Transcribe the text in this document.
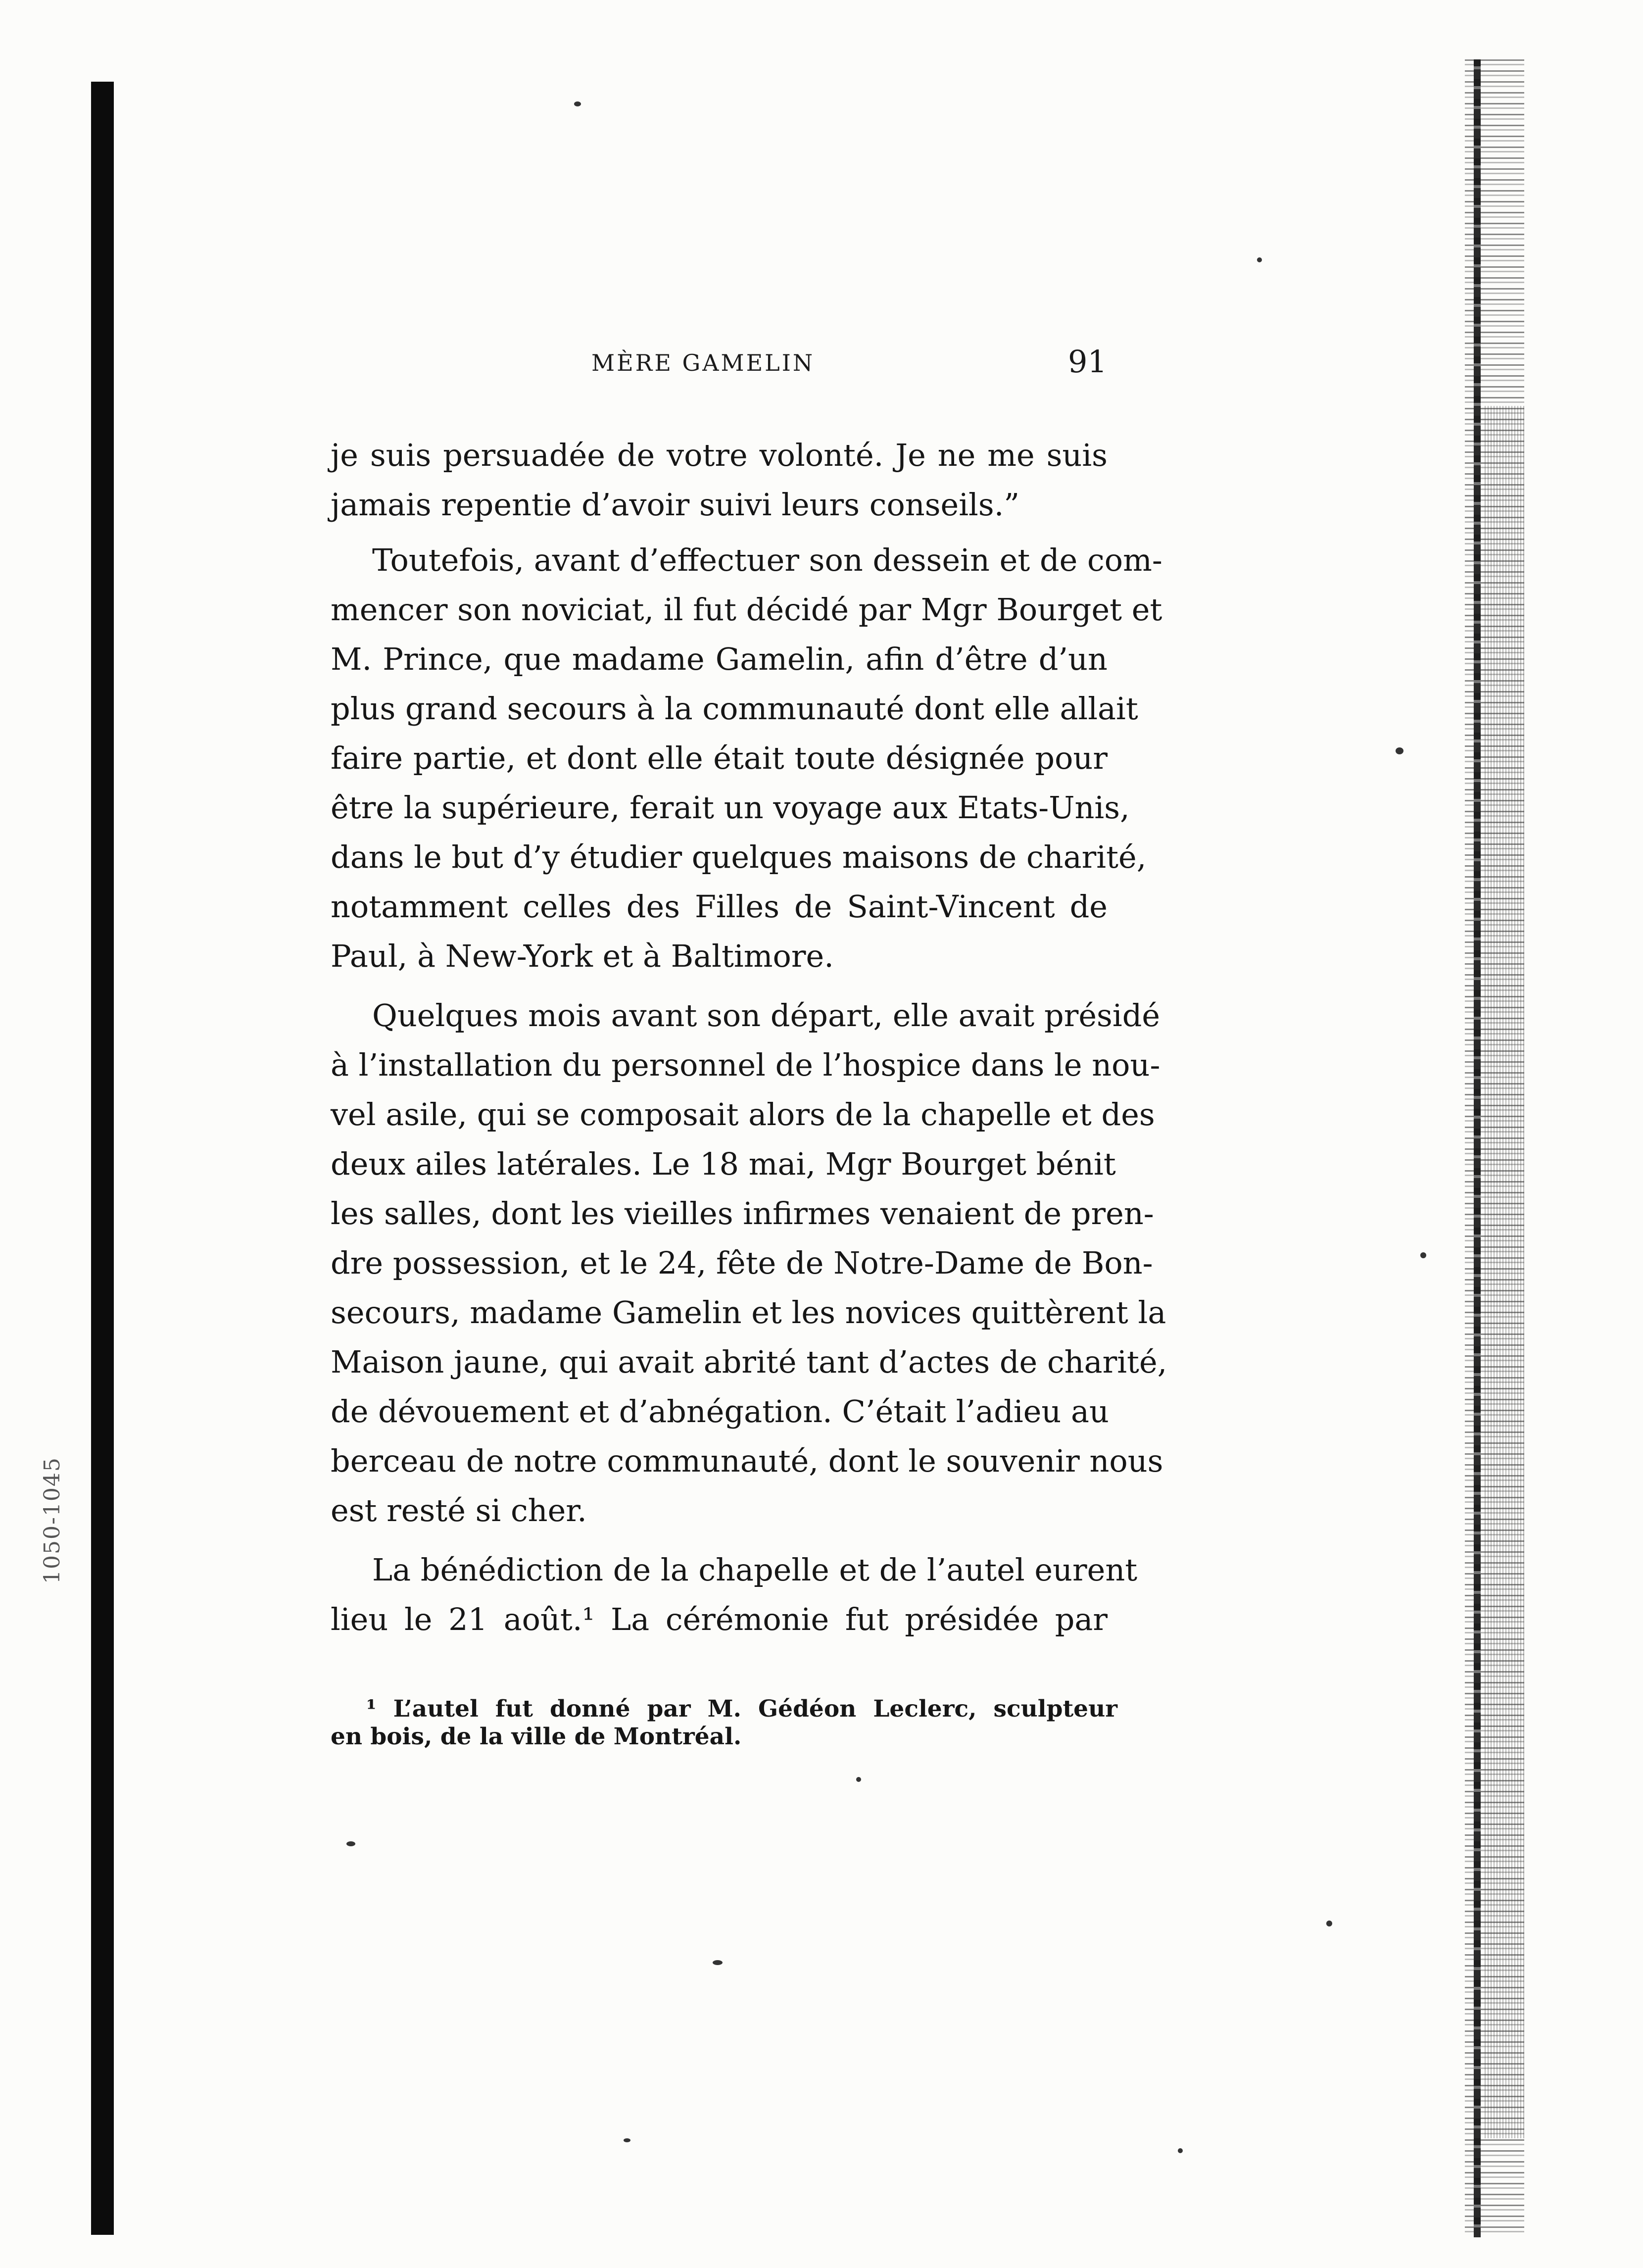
1050-1045
MÈRE GAMELIN	91
je suis persuadée de votre volonté. Je ne me suis
jamais repentie d’avoir suivi leurs conseils.”
Toutefois, avant d’effectuer son dessein et de com-
mencer son noviciat, il fut décidé par Mgr Bourget et
M. Prince, que madame Gamelin, afin d’être d’un
plus grand secours à la communauté dont elle allait
faire partie, et dont elle était toute désignée pour
être la supérieure, ferait un voyage aux Etats-Unis,
dans le but d’y étudier quelques maisons de charité,
notamment celles des Filles de Saint-Vincent de
Paul, à New-York et à Baltimore.
Quelques mois avant son départ, elle avait présidé
à l’installation du personnel de l’hospice dans le nou-
vel asile, qui se composait alors de la chapelle et des
deux ailes latérales. Le 18 mai, Mgr Bourget bénit
les salles, dont les vieilles infirmes venaient de pren-
dre possession, et le 24, fête de Notre-Dame de Bon-
secours, madame Gamelin et les novices quittèrent la
Maison jaune, qui avait abrité tant d’actes de charité,
de dévouement et d’abnégation. C’était l’adieu au
berceau de notre communauté, dont le souvenir nous
est resté si cher.
La bénédiction de la chapelle et de l’autel eurent
lieu le 21 août.¹ La cérémonie fut présidée par
¹ L’autel fut donné par M. Gédéon Leclerc, sculpteur
en bois, de la ville de Montréal.
